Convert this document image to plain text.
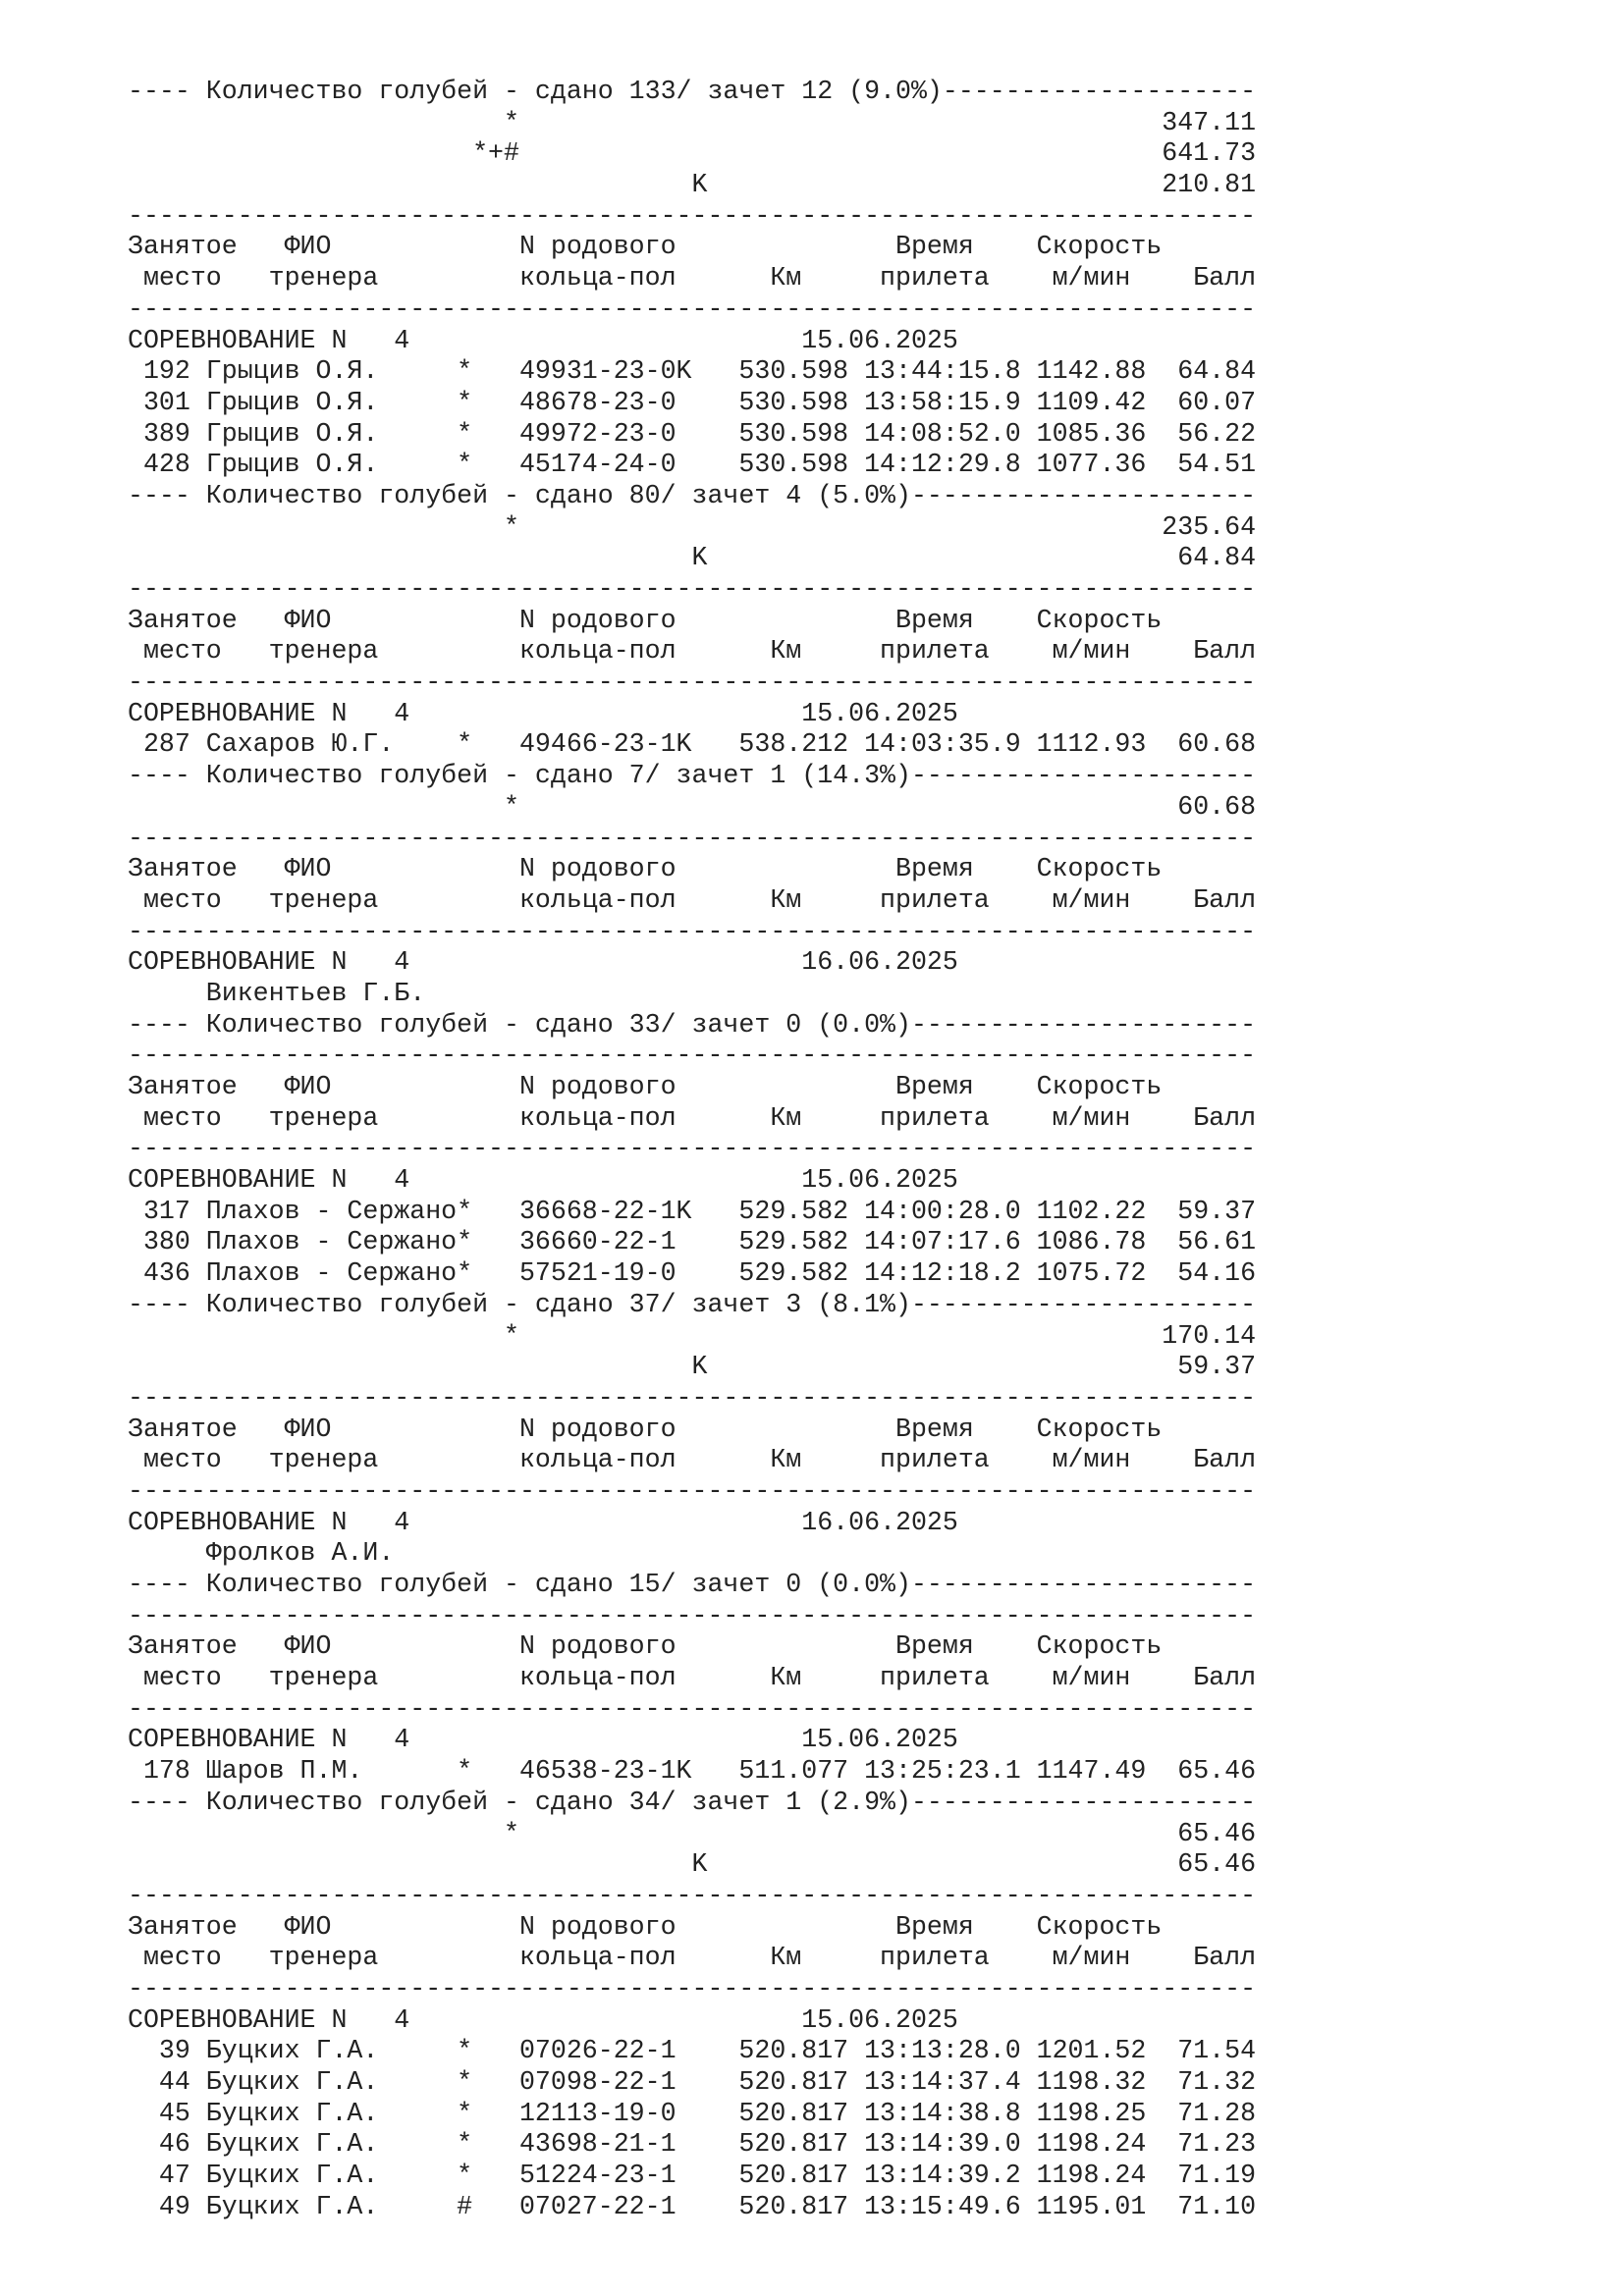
---- Количество голубей - сдано 133/ зачет 12 (9.0%)--------------------
*                                         347.11
*+#                                         641.73
K                             210.81
------------------------------------------------------------------------
Занятое   ФИО            N родового              Время    Скорость
место   тренера         кольца-пол      Км     прилета    м/мин    Балл
------------------------------------------------------------------------
СОРЕВНОВАНИЕ N   4                         15.06.2025
192 Грыцив О.Я.     *   49931-23-0K   530.598 13:44:15.8 1142.88  64.84
301 Грыцив О.Я.     *   48678-23-0    530.598 13:58:15.9 1109.42  60.07
389 Грыцив О.Я.     *   49972-23-0    530.598 14:08:52.0 1085.36  56.22
428 Грыцив О.Я.     *   45174-24-0    530.598 14:12:29.8 1077.36  54.51
---- Количество голубей - сдано 80/ зачет 4 (5.0%)----------------------
*                                         235.64
K                              64.84
------------------------------------------------------------------------
Занятое   ФИО            N родового              Время    Скорость
место   тренера         кольца-пол      Км     прилета    м/мин    Балл
------------------------------------------------------------------------
СОРЕВНОВАНИЕ N   4                         15.06.2025
287 Сахаров Ю.Г.    *   49466-23-1K   538.212 14:03:35.9 1112.93  60.68
---- Количество голубей - сдано 7/ зачет 1 (14.3%)----------------------
*                                          60.68
------------------------------------------------------------------------
Занятое   ФИО            N родового              Время    Скорость
место   тренера         кольца-пол      Км     прилета    м/мин    Балл
------------------------------------------------------------------------
СОРЕВНОВАНИЕ N   4                         16.06.2025
Викентьев Г.Б.
---- Количество голубей - сдано 33/ зачет 0 (0.0%)----------------------
------------------------------------------------------------------------
Занятое   ФИО            N родового              Время    Скорость
место   тренера         кольца-пол      Км     прилета    м/мин    Балл
------------------------------------------------------------------------
СОРЕВНОВАНИЕ N   4                         15.06.2025
317 Плахов - Сержано*   36668-22-1K   529.582 14:00:28.0 1102.22  59.37
380 Плахов - Сержано*   36660-22-1    529.582 14:07:17.6 1086.78  56.61
436 Плахов - Сержано*   57521-19-0    529.582 14:12:18.2 1075.72  54.16
---- Количество голубей - сдано 37/ зачет 3 (8.1%)----------------------
*                                         170.14
K                              59.37
------------------------------------------------------------------------
Занятое   ФИО            N родового              Время    Скорость
место   тренера         кольца-пол      Км     прилета    м/мин    Балл
------------------------------------------------------------------------
СОРЕВНОВАНИЕ N   4                         16.06.2025
Фролков А.И.
---- Количество голубей - сдано 15/ зачет 0 (0.0%)----------------------
------------------------------------------------------------------------
Занятое   ФИО            N родового              Время    Скорость
место   тренера         кольца-пол      Км     прилета    м/мин    Балл
------------------------------------------------------------------------
СОРЕВНОВАНИЕ N   4                         15.06.2025
178 Шаров П.М.      *   46538-23-1K   511.077 13:25:23.1 1147.49  65.46
---- Количество голубей - сдано 34/ зачет 1 (2.9%)----------------------
*                                          65.46
K                              65.46
------------------------------------------------------------------------
Занятое   ФИО            N родового              Время    Скорость
место   тренера         кольца-пол      Км     прилета    м/мин    Балл
------------------------------------------------------------------------
СОРЕВНОВАНИЕ N   4                         15.06.2025
39 Буцких Г.А.     *   07026-22-1    520.817 13:13:28.0 1201.52  71.54
44 Буцких Г.А.     *   07098-22-1    520.817 13:14:37.4 1198.32  71.32
45 Буцких Г.А.     *   12113-19-0    520.817 13:14:38.8 1198.25  71.28
46 Буцких Г.А.     *   43698-21-1    520.817 13:14:39.0 1198.24  71.23
47 Буцких Г.А.     *   51224-23-1    520.817 13:14:39.2 1198.24  71.19
49 Буцких Г.А.     #   07027-22-1    520.817 13:15:49.6 1195.01  71.10
